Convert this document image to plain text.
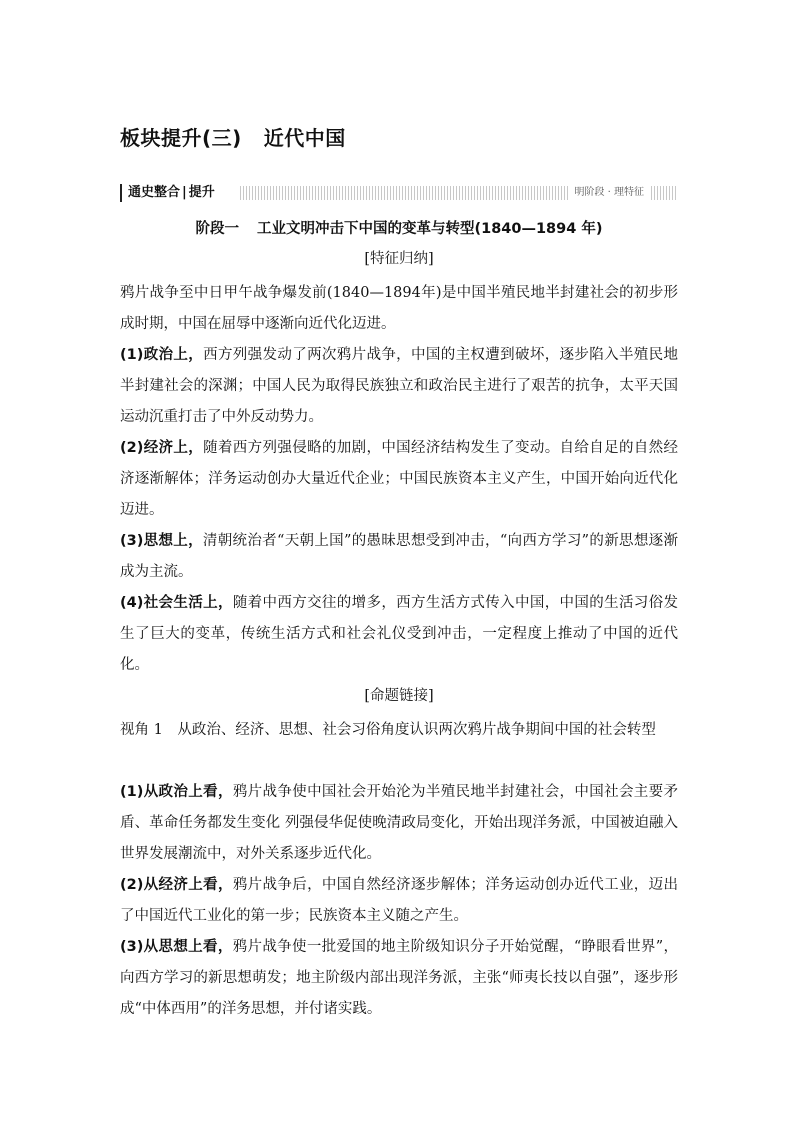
板块提升(三) 近代中国
通史整合 | 提升	明阶段 · 理特征

阶段一 工业文明冲击下中国的变革与转型(1840—1894 年)

[特征归纳]

鸦片战争至中日甲午战争爆发前(1840—1894年)是中国半殖民地半封建社会的初步形成时期，中国在屈辱中逐渐向近代化迈进。

(1)政治上，西方列强发动了两次鸦片战争，中国的主权遭到破坏，逐步陷入半殖民地半封建社会的深渊；中国人民为取得民族独立和政治民主进行了艰苦的抗争，太平天国运动沉重打击了中外反动势力。

(2)经济上，随着西方列强侵略的加剧，中国经济结构发生了变动。自给自足的自然经济逐渐解体；洋务运动创办大量近代企业；中国民族资本主义产生，中国开始向近代化迈进。

(3)思想上，清朝统治者“天朝上国”的愚昧思想受到冲击，“向西方学习”的新思想逐渐成为主流。

(4)社会生活上，随着中西方交往的增多，西方生活方式传入中国，中国的生活习俗发生了巨大的变革，传统生活方式和社会礼仪受到冲击，一定程度上推动了中国的近代化。

[命题链接]

视角 1　从政治、经济、思想、社会习俗角度认识两次鸦片战争期间中国的社会转型

(1)从政治上看，鸦片战争使中国社会开始沦为半殖民地半封建社会，中国社会主要矛盾、革命任务都发生变化 列强侵华促使晚清政局变化，开始出现洋务派，中国被迫融入世界发展潮流中，对外关系逐步近代化。

(2)从经济上看，鸦片战争后，中国自然经济逐步解体；洋务运动创办近代工业，迈出了中国近代工业化的第一步；民族资本主义随之产生。

(3)从思想上看，鸦片战争使一批爱国的地主阶级知识分子开始觉醒，“睁眼看世界”，向西方学习的新思想萌发；地主阶级内部出现洋务派，主张“师夷长技以自强”，逐步形成“中体西用”的洋务思想，并付诸实践。
